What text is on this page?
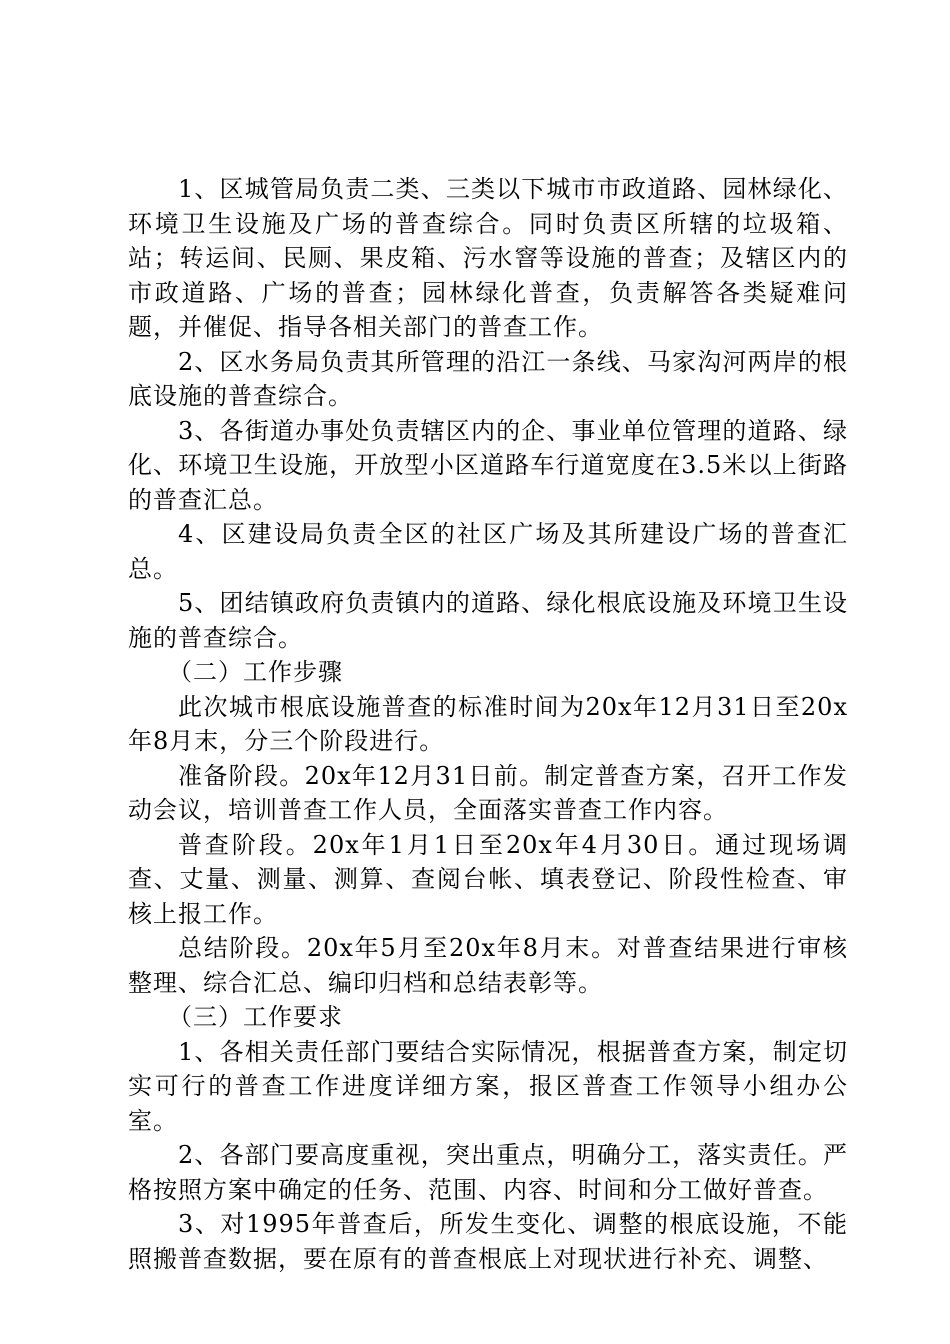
1、区城管局负责二类、三类以下城市市政道路、园林绿化、环境卫生设施及广场的普查综合。同时负责区所辖的垃圾箱、站；转运间、民厕、果皮箱、污水窨等设施的普查；及辖区内的市政道路、广场的普查；园林绿化普查，负责解答各类疑难问题，并催促、指导各相关部门的普查工作。

2、区水务局负责其所管理的沿江一条线、马家沟河两岸的根底设施的普查综合。

3、各街道办事处负责辖区内的企、事业单位管理的道路、绿化、环境卫生设施，开放型小区道路车行道宽度在3.5米以上街路的普查汇总。

4、区建设局负责全区的社区广场及其所建设广场的普查汇总。

5、团结镇政府负责镇内的道路、绿化根底设施及环境卫生设施的普查综合。

（二）工作步骤

此次城市根底设施普查的标准时间为20x年12月31日至20x年8月末，分三个阶段进行。

准备阶段。20x年12月31日前。制定普查方案，召开工作发动会议，培训普查工作人员，全面落实普查工作内容。

普查阶段。20x年1月1日至20x年4月30日。通过现场调查、丈量、测量、测算、查阅台帐、填表登记、阶段性检查、审核上报工作。

总结阶段。20x年5月至20x年8月末。对普查结果进行审核整理、综合汇总、编印归档和总结表彰等。

（三）工作要求

1、各相关责任部门要结合实际情况，根据普查方案，制定切实可行的普查工作进度详细方案，报区普查工作领导小组办公室。

2、各部门要高度重视，突出重点，明确分工，落实责任。严格按照方案中确定的任务、范围、内容、时间和分工做好普查。

3、对1995年普查后，所发生变化、调整的根底设施，不能照搬普查数据，要在原有的普查根底上对现状进行补充、调整、
